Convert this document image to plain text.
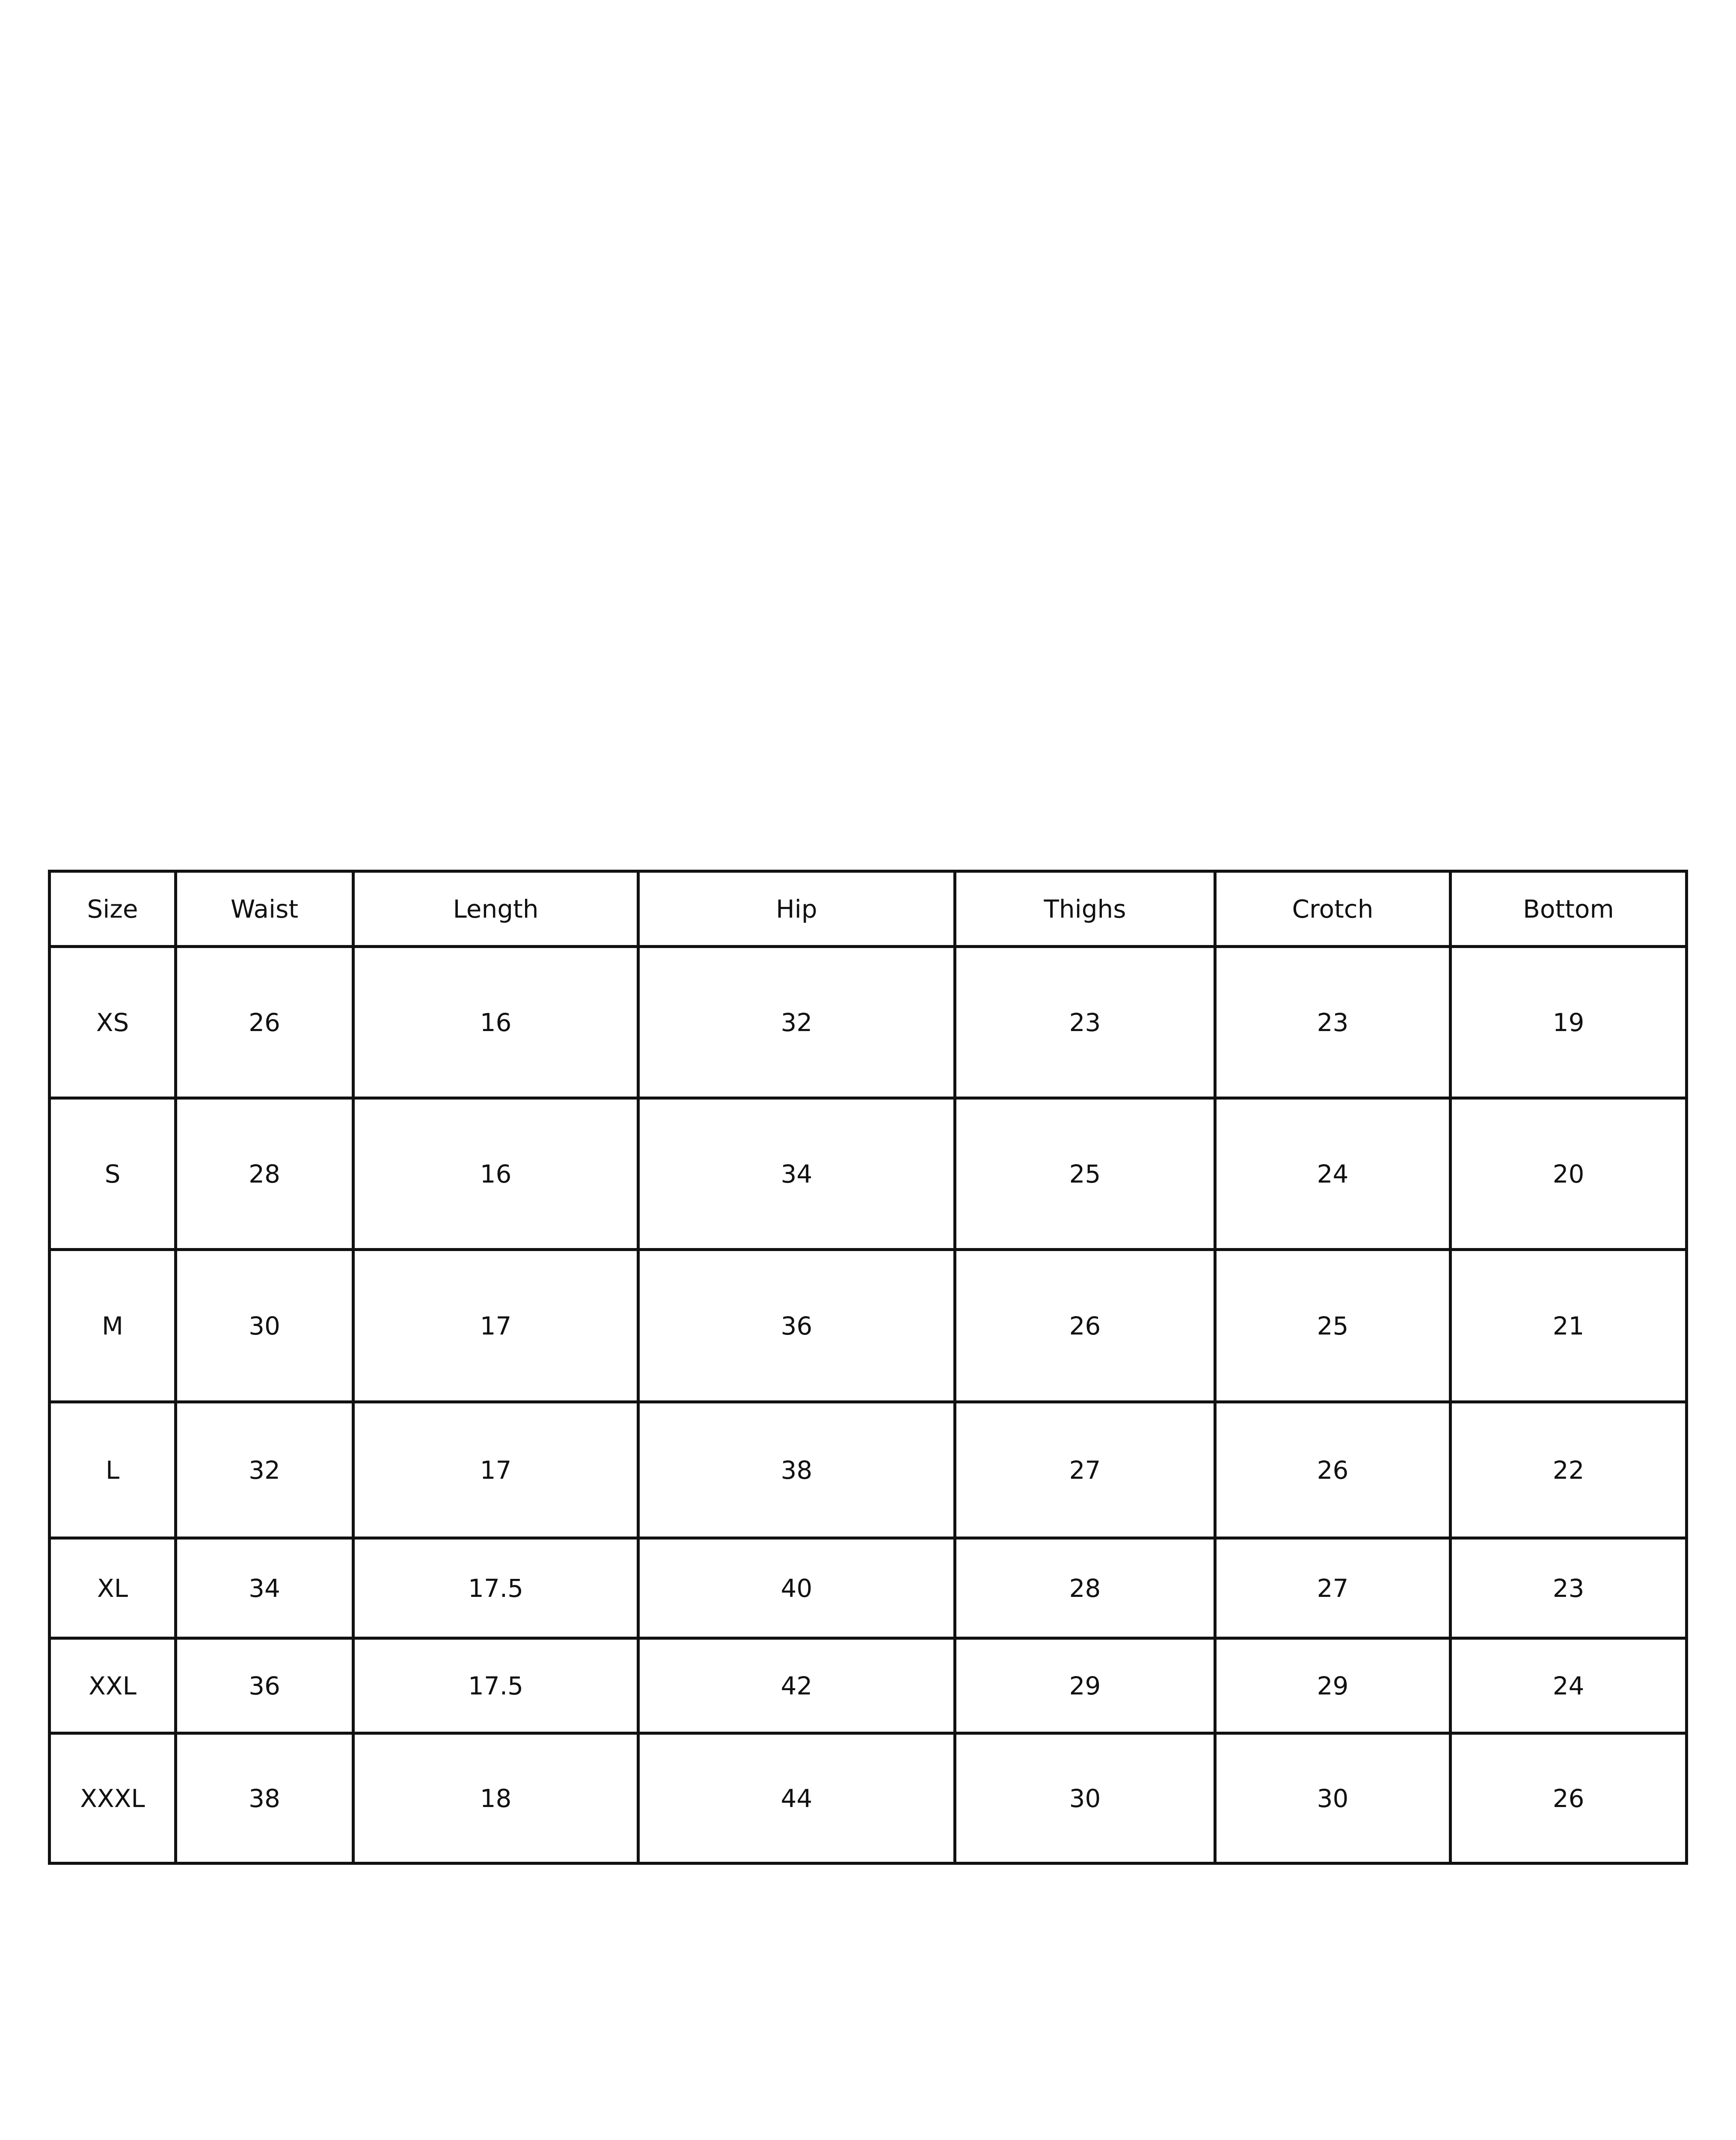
Size	Waist	Length	Hip	Thighs	Crotch	Bottom
XS	26	16	32	23	23	19
S	28	16	34	25	24	20
M	30	17	36	26	25	21
L	32	17	38	27	26	22
XL	34	17.5	40	28	27	23
XXL	36	17.5	42	29	29	24
XXXL	38	18	44	30	30	26
